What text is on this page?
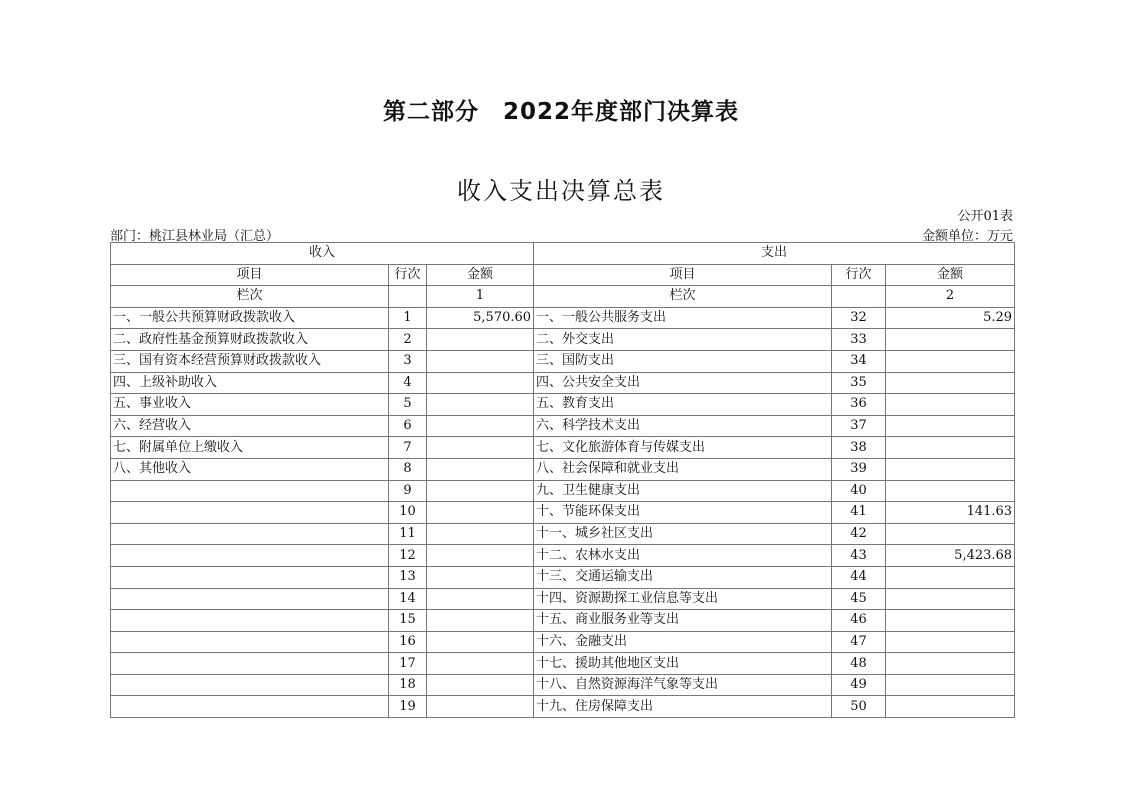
第二部分　2022年度部门决算表
收入支出决算总表
公开01表
部门：桃江县林业局（汇总）	金额单位：万元
收入			支出		
项目	行次	金额	项目	行次	金额
栏次		1	栏次		2
一、一般公共预算财政拨款收入	1	5,570.60	一、一般公共服务支出	32	5.29
二、政府性基金预算财政拨款收入	2		二、外交支出	33	
三、国有资本经营预算财政拨款收入	3		三、国防支出	34	
四、上级补助收入	4		四、公共安全支出	35	
五、事业收入	5		五、教育支出	36	
六、经营收入	6		六、科学技术支出	37	
七、附属单位上缴收入	7		七、文化旅游体育与传媒支出	38	
八、其他收入	8		八、社会保障和就业支出	39	
	9		九、卫生健康支出	40	
	10		十、节能环保支出	41	141.63
	11		十一、城乡社区支出	42	
	12		十二、农林水支出	43	5,423.68
	13		十三、交通运输支出	44	
	14		十四、资源勘探工业信息等支出	45	
	15		十五、商业服务业等支出	46	
	16		十六、金融支出	47	
	17		十七、援助其他地区支出	48	
	18		十八、自然资源海洋气象等支出	49	
	19		十九、住房保障支出	50	
